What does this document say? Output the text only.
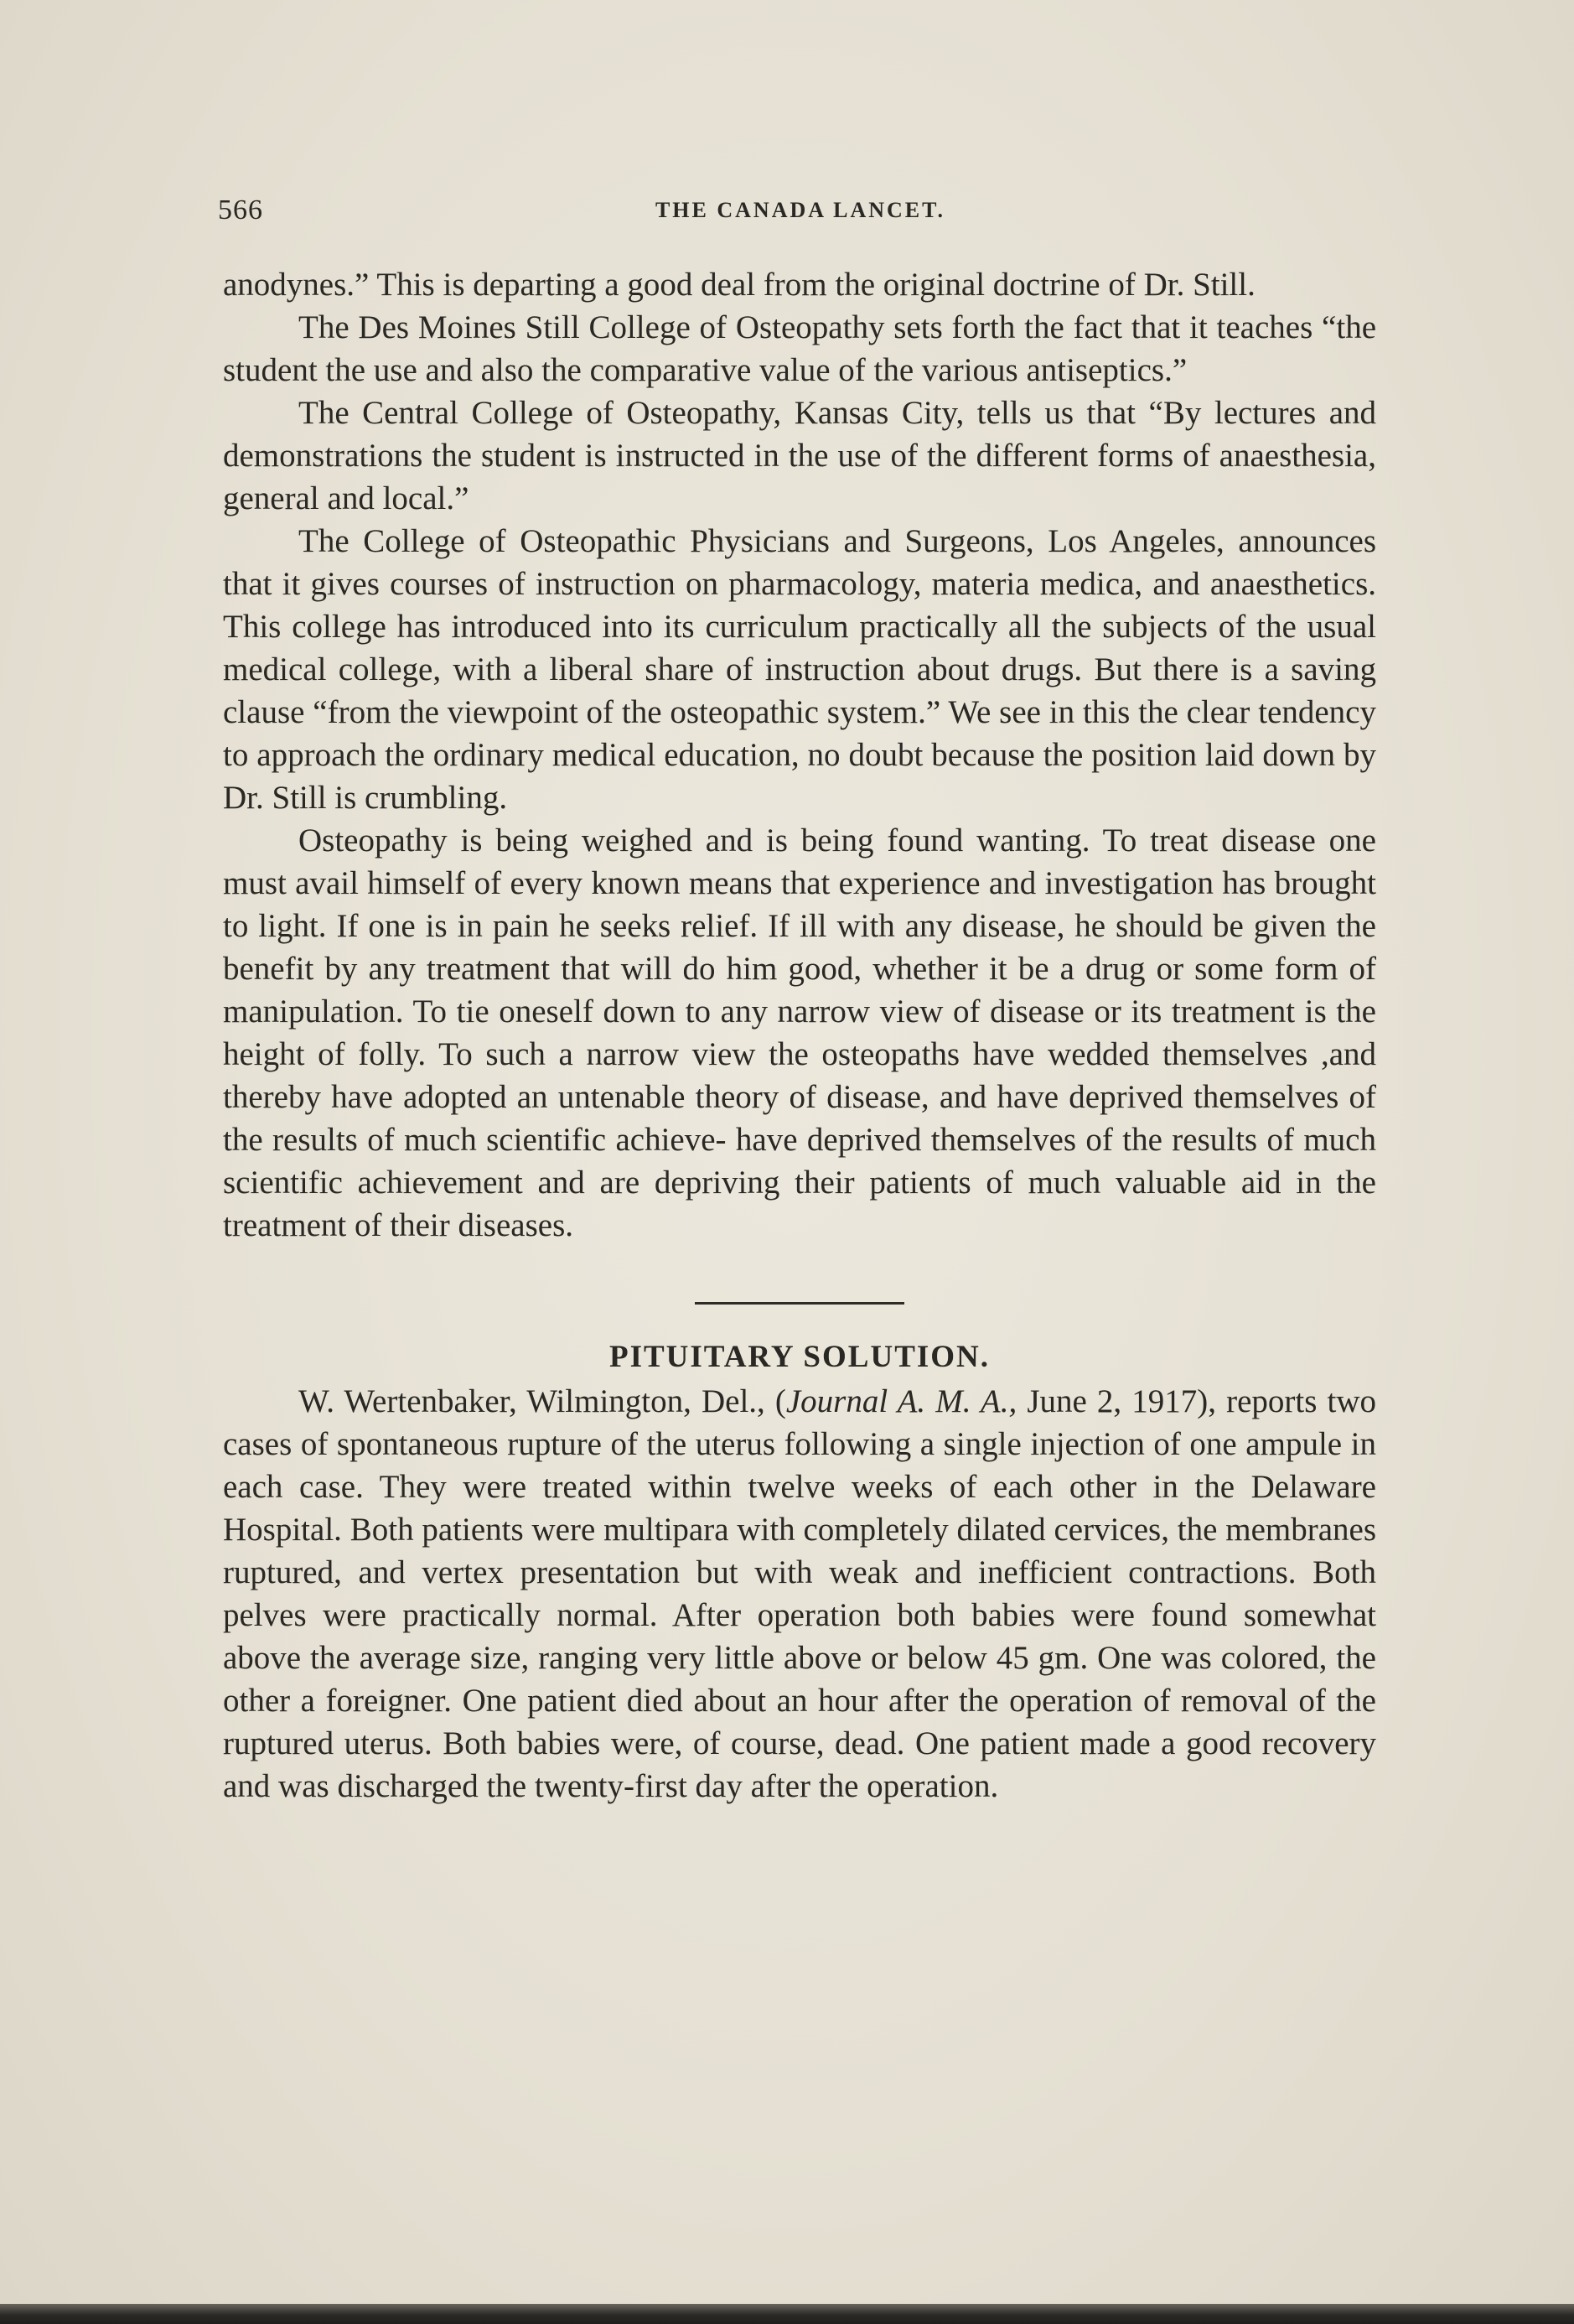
566	THE CANADA LANCET.

anodynes.” This is departing a good deal from the original doctrine of Dr. Still.

The Des Moines Still College of Osteopathy sets forth the fact that it teaches “the student the use and also the comparative value of the various antiseptics.”

The Central College of Osteopathy, Kansas City, tells us that “By lectures and demonstrations the student is instructed in the use of the different forms of anaesthesia, general and local.”

The College of Osteopathic Physicians and Surgeons, Los Angeles, announces that it gives courses of instruction on pharmacology, materia medica, and anaesthetics. This college has introduced into its curriculum practically all the subjects of the usual medical college, with a liberal share of instruction about drugs. But there is a saving clause “from the viewpoint of the osteopathic system.” We see in this the clear tendency to approach the ordinary medical education, no doubt because the position laid down by Dr. Still is crumbling.

Osteopathy is being weighed and is being found wanting. To treat disease one must avail himself of every known means that experience and investigation has brought to light. If one is in pain he seeks relief. If ill with any disease, he should be given the benefit by any treatment that will do him good, whether it be a drug or some form of manipulation. To tie oneself down to any narrow view of disease or its treatment is the height of folly. To such a narrow view the osteopaths have wedded themselves ,and thereby have adopted an untenable theory of disease, and have deprived themselves of the results of much scientific achieve- have deprived themselves of the results of much scientific achievement and are depriving their patients of much valuable aid in the treatment of their diseases.

PITUITARY SOLUTION.

W. Wertenbaker, Wilmington, Del., (Journal A. M. A., June 2, 1917), reports two cases of spontaneous rupture of the uterus following a single injection of one ampule in each case. They were treated within twelve weeks of each other in the Delaware Hospital. Both patients were multipara with completely dilated cervices, the membranes ruptured, and vertex presentation but with weak and inefficient contractions. Both pelves were practically normal. After operation both babies were found somewhat above the average size, ranging very little above or below 45 gm. One was colored, the other a foreigner. One patient died about an hour after the operation of removal of the ruptured uterus. Both babies were, of course, dead. One patient made a good recovery and was discharged the twenty-first day after the operation.
